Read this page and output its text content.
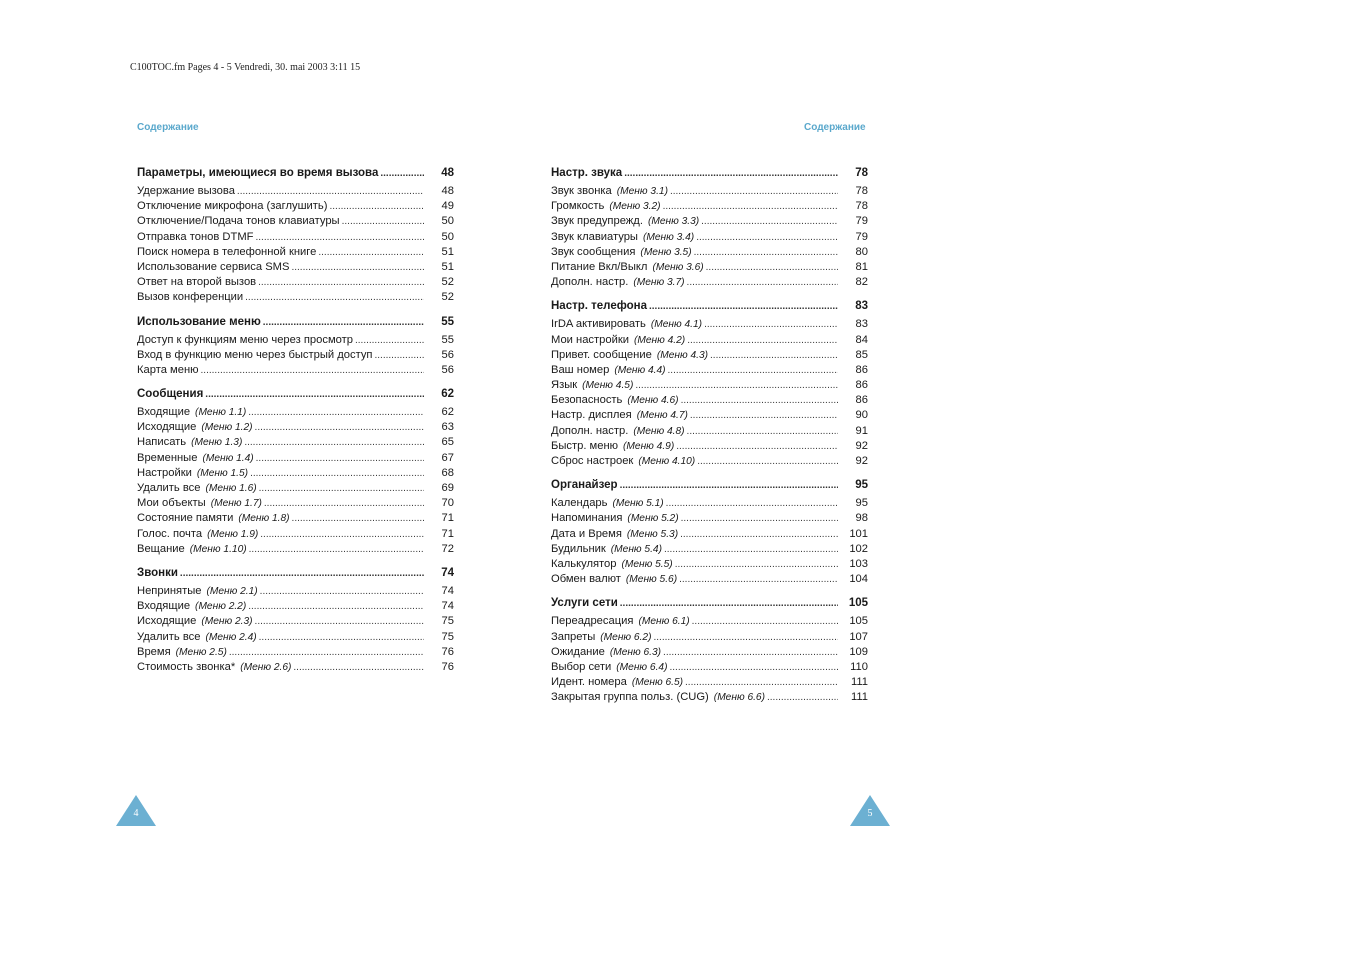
C100TOC.fm Pages 4 - 5 Vendredi, 30. mai 2003 3:11 15
Содержание	Содержание
Параметры, имеющиеся во время вызова .....	48
Удержание вызова .....	48
Отключение микрофона (заглушить) .....	49
Отключение/Подача тонов клавиатуры .....	50
Отправка тонов DTMF .....	50
Поиск номера в телефонной книге .....	51
Использование сервиса SMS .....	51
Ответ на второй вызов .....	52
Вызов конференции .....	52
Использование меню .....	55
Доступ к функциям меню через просмотр .....	55
Вход в функцию меню через быстрый доступ .....	56
Карта меню .....	56
Сообщения .....	62
Входящие (Меню 1.1) .....	62
Исходящие (Меню 1.2) .....	63
Написать (Меню 1.3) .....	65
Временные (Меню 1.4) .....	67
Настройки (Меню 1.5) .....	68
Удалить все (Меню 1.6) .....	69
Мои объекты (Меню 1.7) .....	70
Состояние памяти (Меню 1.8) .....	71
Голос. почта (Меню 1.9) .....	71
Вещание (Меню 1.10) .....	72
Звонки .....	74
Непринятые (Меню 2.1) .....	74
Входящие (Меню 2.2) .....	74
Исходящие (Меню 2.3) .....	75
Удалить все (Меню 2.4) .....	75
Время (Меню 2.5) .....	76
Стоимость звонка* (Меню 2.6) .....	76
Настр. звука .....	78
Звук звонка (Меню 3.1) .....	78
Громкость (Меню 3.2) .....	78
Звук предупрежд. (Меню 3.3) .....	79
Звук клавиатуры (Меню 3.4) .....	79
Звук сообщения (Меню 3.5) .....	80
Питание Вкл/Выкл (Меню 3.6) .....	81
Дополн. настр. (Меню 3.7) .....	82
Настр. телефона .....	83
IrDA активировать (Меню 4.1) .....	83
Мои настройки (Меню 4.2) .....	84
Привет. сообщение (Меню 4.3) .....	85
Ваш номер (Меню 4.4) .....	86
Язык (Меню 4.5) .....	86
Безопасность (Меню 4.6) .....	86
Настр. дисплея (Меню 4.7) .....	90
Дополн. настр. (Меню 4.8) .....	91
Быстр. меню (Меню 4.9) .....	92
Сброс настроек (Меню 4.10) .....	92
Органайзер .....	95
Календарь (Меню 5.1) .....	95
Напоминания (Меню 5.2) .....	98
Дата и Время (Меню 5.3) .....	101
Будильник (Меню 5.4) .....	102
Калькулятор (Меню 5.5) .....	103
Обмен валют (Меню 5.6) .....	104
Услуги сети .....	105
Переадресация (Меню 6.1) .....	105
Запреты (Меню 6.2) .....	107
Ожидание (Меню 6.3) .....	109
Выбор сети (Меню 6.4) .....	110
Идент. номера (Меню 6.5) .....	111
Закрытая группа польз. (CUG) (Меню 6.6) .....	111
4	5
